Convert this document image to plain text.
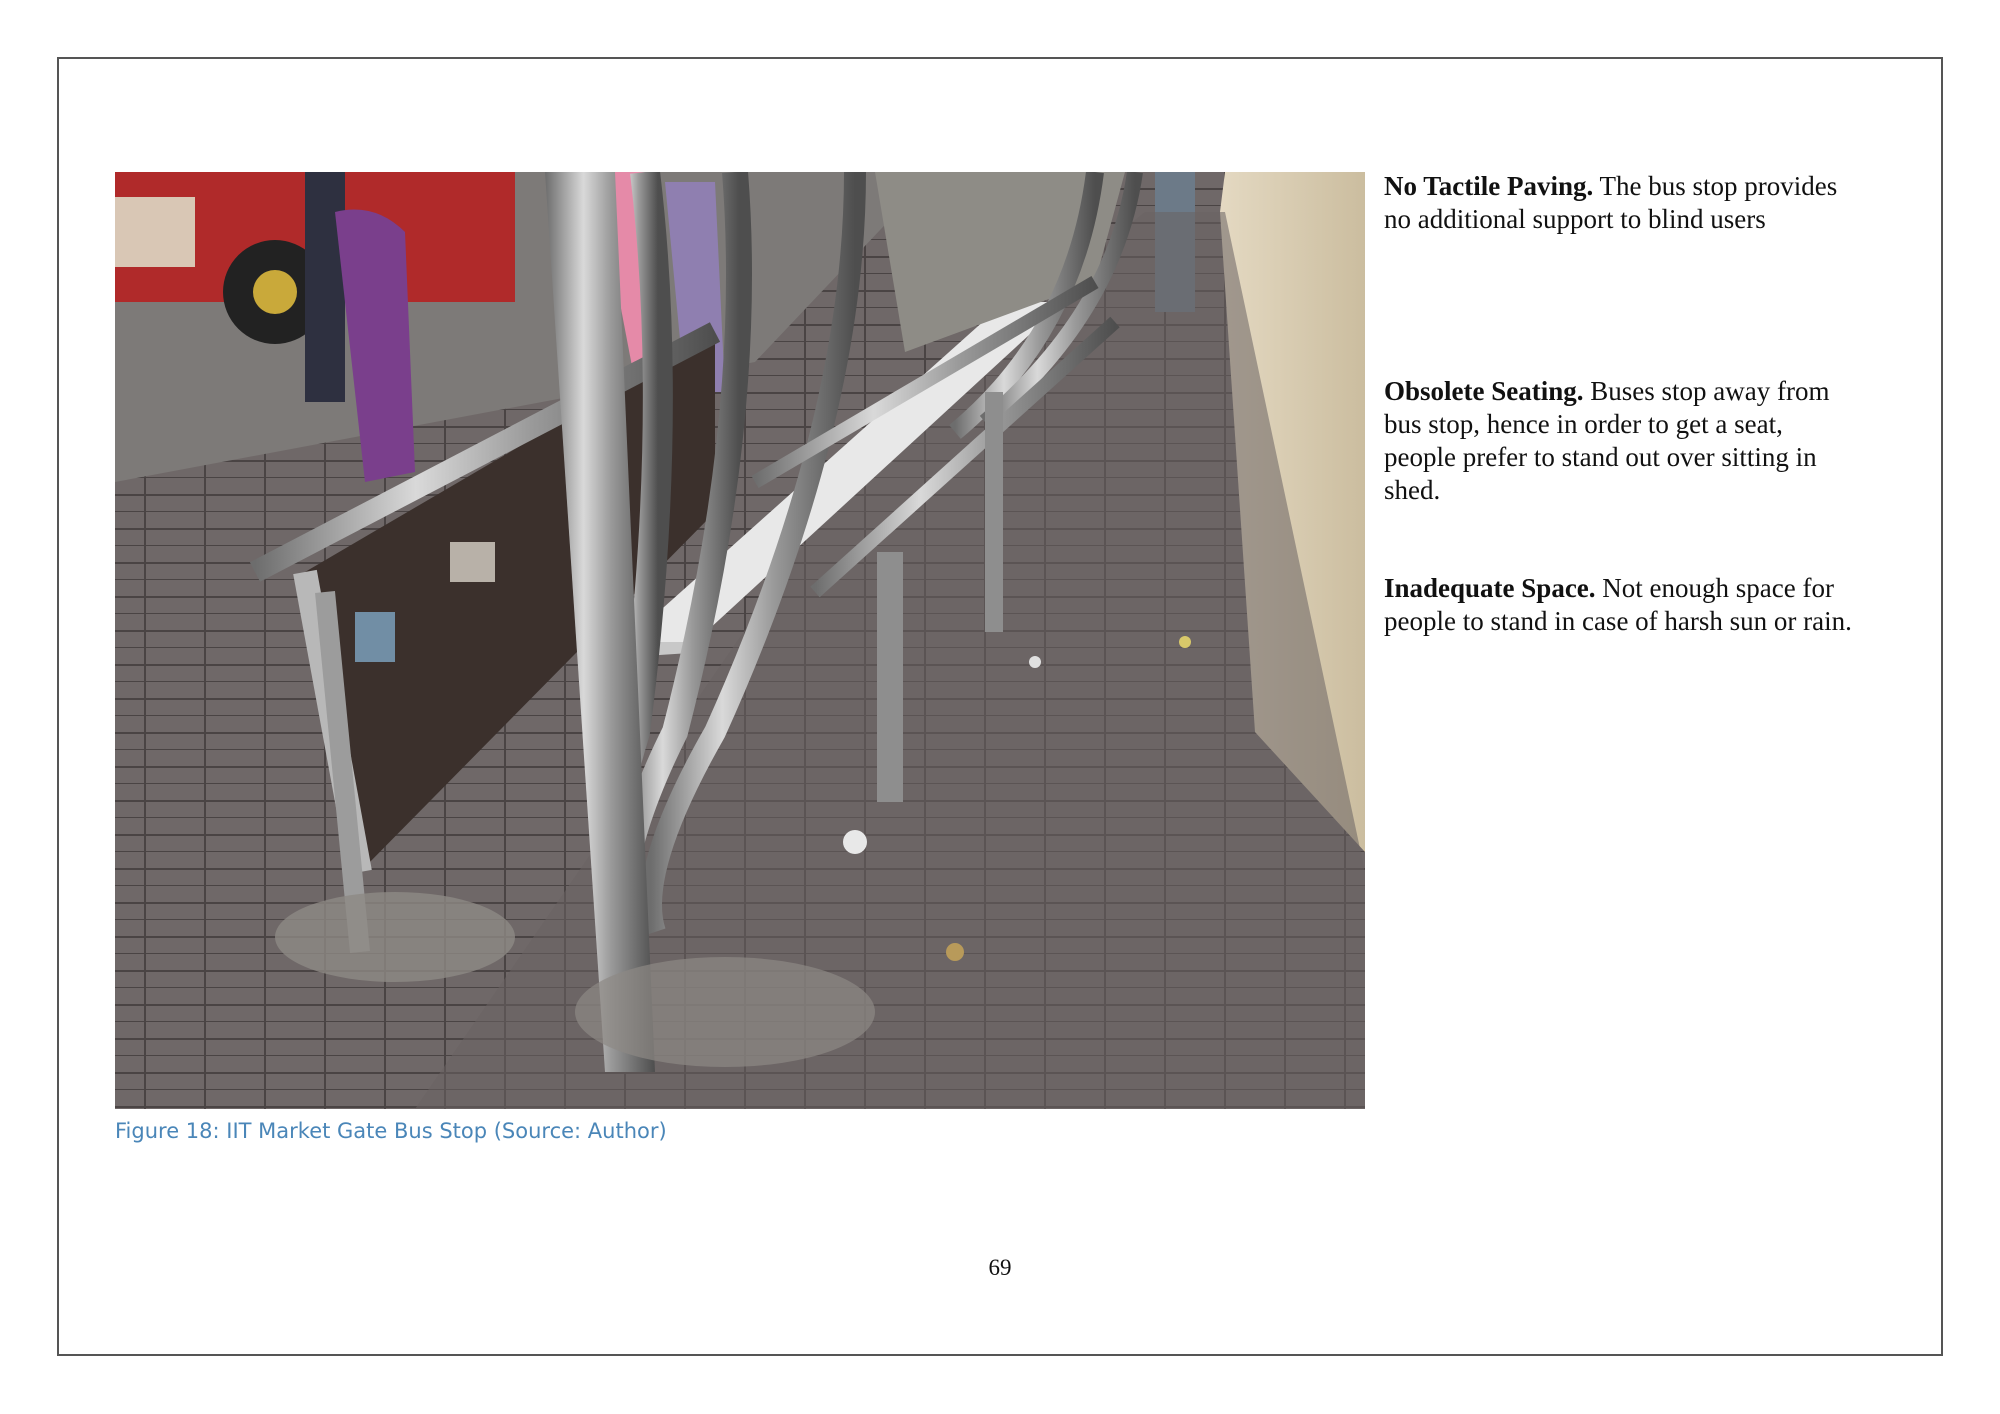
Figure 18: IIT Market Gate Bus Stop (Source: Author)

No Tactile Paving. The bus stop provides no additional support to blind users

Obsolete Seating. Buses stop away from bus stop, hence in order to get a seat, people prefer to stand out over sitting in shed.

Inadequate Space. Not enough space for people to stand in case of harsh sun or rain.

69
